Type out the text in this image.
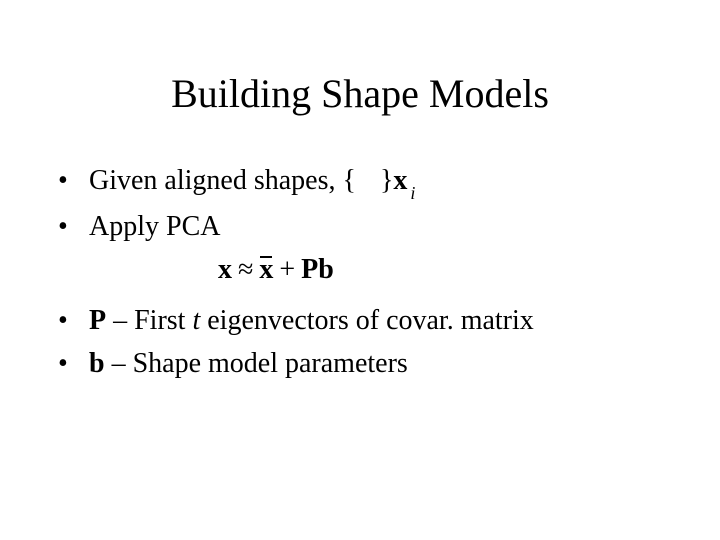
Building Shape Models
• Given aligned shapes, { }x $_i$
• Apply PCA
x ≈ x + Pb
• P – First t eigenvectors of covar. matrix
• b – Shape model parameters
